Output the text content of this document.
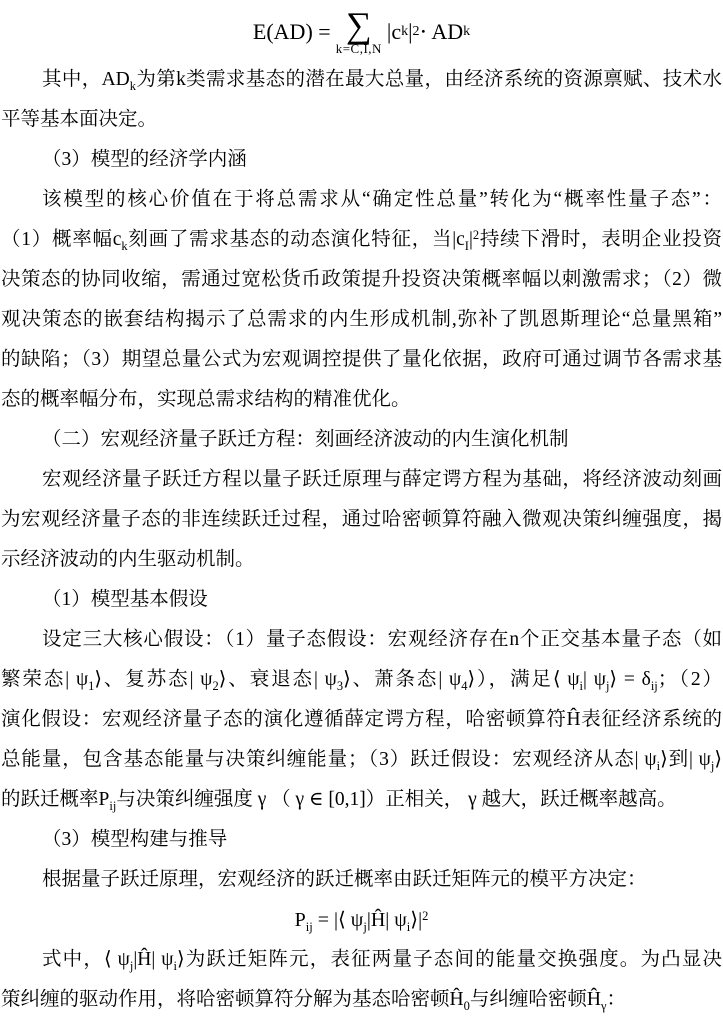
E(AD) = ∑
k=C,I,N
|c k | 2 ⋅ AD k
其中，$AD_k$为第k类需求基态的潜在最大总量，由经济系统的资源禀赋、技术水
平等基本面决定。
（3）模型的经济学内涵
该模型的核心价值在于将总需求从“确定性总量”转化为“概率性量子态”：
（1）概率幅$c_k$刻画了需求基态的动态演化特征，当$|c_I|^2$持续下滑时，表明企业投资
决策态的协同收缩，需通过宽松货币政策提升投资决策概率幅以刺激需求；（2）微
观决策态的嵌套结构揭示了总需求的内生形成机制,弥补了凯恩斯理论“总量黑箱”
的缺陷；（3）期望总量公式为宏观调控提供了量化依据，政府可通过调节各需求基
态的概率幅分布，实现总需求结构的精准优化。
（二）宏观经济量子跃迁方程：刻画经济波动的内生演化机制
宏观经济量子跃迁方程以量子跃迁原理与薛定谔方程为基础，将经济波动刻画
为宏观经济量子态的非连续跃迁过程，通过哈密顿算符融入微观决策纠缠强度，揭
示经济波动的内生驱动机制。
（1）模型基本假设
设定三大核心假设：（1）量子态假设：宏观经济存在n个正交基本量子态（如
繁荣态| $\psi_1⟩$、复苏态| $\psi_2⟩$、衰退态| $\psi_3⟩$、萧条态| $\psi_4⟩$），满足⟨ $\psi_i|$ $\psi_j⟩ = \delta_{ij}$；（2）
演化假设：宏观经济量子态的演化遵循薛定谔方程，哈密顿算符Ĥ表征经济系统的
总能量，包含基态能量与决策纠缠能量；（3）跃迁假设：宏观经济从态| $\psi_i⟩$到| $\psi_j⟩$
的跃迁概率$P_{ij}$与决策纠缠强度 γ （ γ ∈ [0,1]）正相关， γ 越大，跃迁概率越高。
（3）模型构建与推导
根据量子跃迁原理，宏观经济的跃迁概率由跃迁矩阵元的模平方决定：
$P_{ij}$ = |⟨ $\psi_j|Ĥ|$ $\psi_i⟩|^2$
式中，⟨ $\psi_j|Ĥ|$ $\psi_i⟩$为跃迁矩阵元，表征两量子态间的能量交换强度。为凸显决
策纠缠的驱动作用，将哈密顿算符分解为基态哈密顿$Ĥ_0$与纠缠哈密顿$Ĥ_\gamma$：
